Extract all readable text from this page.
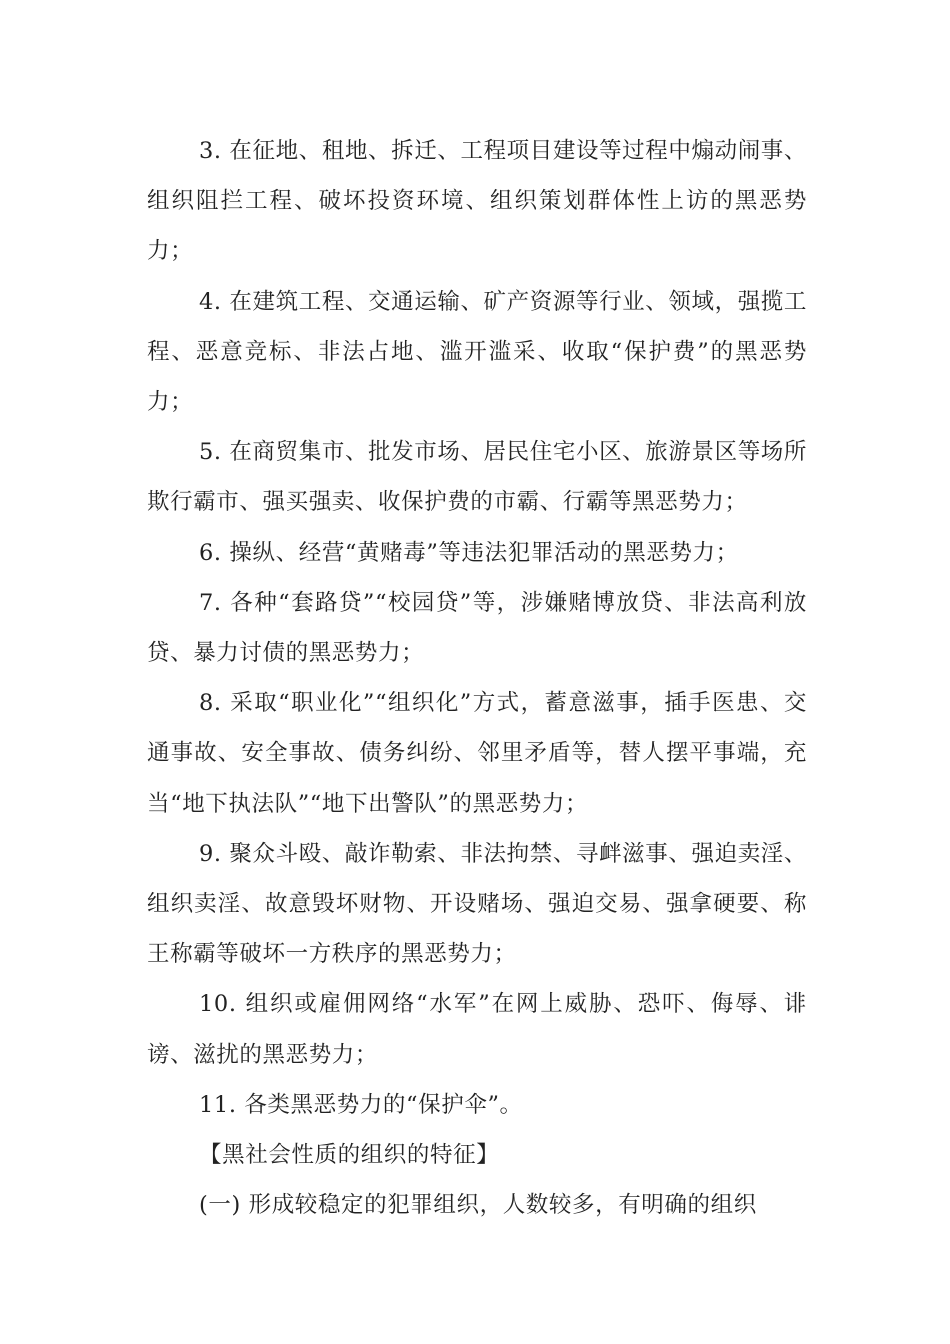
3. 在征地、租地、拆迁、工程项目建设等过程中煽动闹事、组织阻拦工程、破坏投资环境、组织策划群体性上访的黑恶势力；

4. 在建筑工程、交通运输、矿产资源等行业、领域，强揽工程、恶意竞标、非法占地、滥开滥采、收取“保护费”的黑恶势力；

5. 在商贸集市、批发市场、居民住宅小区、旅游景区等场所欺行霸市、强买强卖、收保护费的市霸、行霸等黑恶势力；

6. 操纵、经营“黄赌毒”等违法犯罪活动的黑恶势力；

7. 各种“套路贷”“校园贷”等，涉嫌赌博放贷、非法高利放贷、暴力讨债的黑恶势力；

8. 采取“职业化”“组织化”方式，蓄意滋事，插手医患、交通事故、安全事故、债务纠纷、邻里矛盾等，替人摆平事端，充当“地下执法队”“地下出警队”的黑恶势力；

9. 聚众斗殴、敲诈勒索、非法拘禁、寻衅滋事、强迫卖淫、组织卖淫、故意毁坏财物、开设赌场、强迫交易、强拿硬要、称王称霸等破坏一方秩序的黑恶势力；

10. 组织或雇佣网络“水军”在网上威胁、恐吓、侮辱、诽谤、滋扰的黑恶势力；

11. 各类黑恶势力的“保护伞”。

【黑社会性质的组织的特征】

(一) 形成较稳定的犯罪组织，人数较多，有明确的组织
